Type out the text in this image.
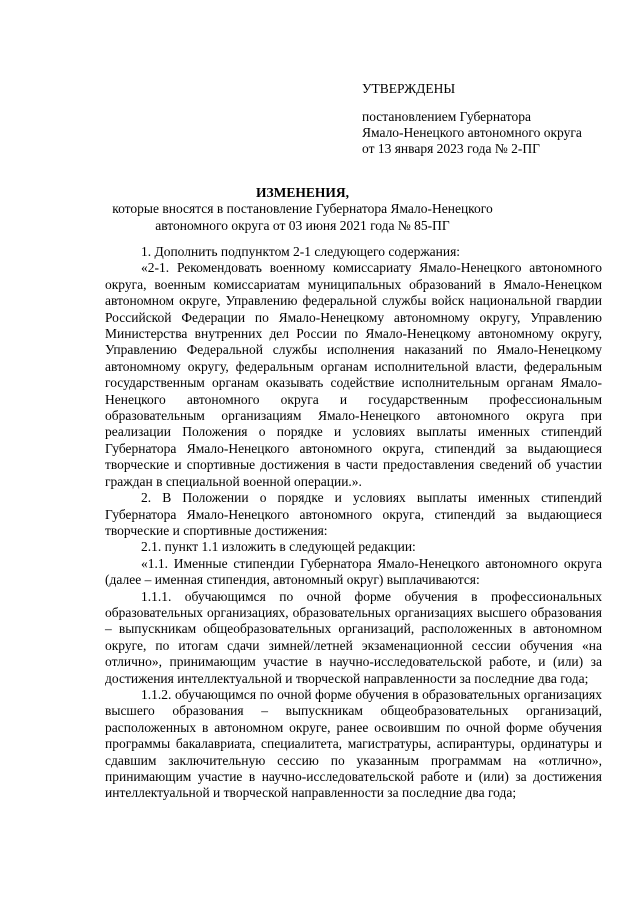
УТВЕРЖДЕНЫ
постановлением Губернатора
Ямало-Ненецкого автономного округа
от 13 января 2023 года № 2-ПГ
ИЗМЕНЕНИЯ,
которые вносятся в постановление Губернатора Ямало-Ненецкого автономного округа от 03 июня 2021 года № 85-ПГ

1. Дополнить подпунктом 2-1 следующего содержания:

«2-1. Рекомендовать военному комиссариату Ямало-Ненецкого автономного округа, военным комиссариатам муниципальных образований в Ямало-Ненецком автономном округе, Управлению федеральной службы войск национальной гвардии Российской Федерации по Ямало-Ненецкому автономному округу, Управлению Министерства внутренних дел России по Ямало-Ненецкому автономному округу, Управлению Федеральной службы исполнения наказаний по Ямало-Ненецкому автономному округу, федеральным органам исполнительной власти, федеральным государственным органам оказывать содействие исполнительным органам Ямало-Ненецкого автономного округа и государственным профессиональным образовательным организациям Ямало-Ненецкого автономного округа при реализации Положения о порядке и условиях выплаты именных стипендий Губернатора Ямало-Ненецкого автономного округа, стипендий за выдающиеся творческие и спортивные достижения в части предоставления сведений об участии граждан в специальной военной операции.».

2. В Положении о порядке и условиях выплаты именных стипендий Губернатора Ямало-Ненецкого автономного округа, стипендий за выдающиеся творческие и спортивные достижения:

2.1. пункт 1.1 изложить в следующей редакции:

«1.1. Именные стипендии Губернатора Ямало-Ненецкого автономного округа (далее – именная стипендия, автономный округ) выплачиваются:

1.1.1. обучающимся по очной форме обучения в профессиональных образовательных организациях, образовательных организациях высшего образования – выпускникам общеобразовательных организаций, расположенных в автономном округе, по итогам сдачи зимней/летней экзаменационной сессии обучения «на отлично», принимающим участие в научно-исследовательской работе, и (или) за достижения интеллектуальной и творческой направленности за последние два года;

1.1.2. обучающимся по очной форме обучения в образовательных организациях высшего образования – выпускникам общеобразовательных организаций, расположенных в автономном округе, ранее освоившим по очной форме обучения программы бакалавриата, специалитета, магистратуры, аспирантуры, ординатуры и сдавшим заключительную сессию по указанным программам на «отлично», принимающим участие в научно-исследовательской работе и (или) за достижения интеллектуальной и творческой направленности за последние два года;
